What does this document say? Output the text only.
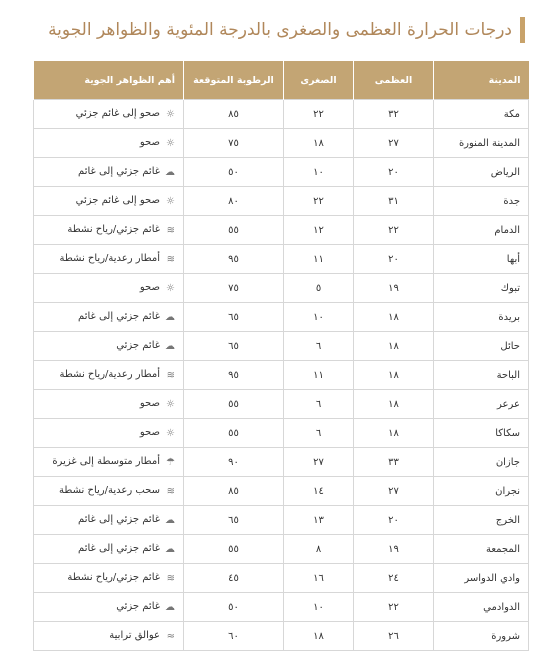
درجات الحرارة العظمى والصغرى بالدرجة المئوية والظواهر الجوية
المدينة	العظمى	الصغرى	الرطوبة المتوقعة	أهم الظواهر الجوية
مكة	٣٢	٢٢	٨٥	☼صحو إلى غائم جزئي
المدينة المنورة	٢٧	١٨	٧٥	☼صحو
الرياض	٢٠	١٠	٥٠	☁غائم جزئي إلى غائم
جدة	٣١	٢٢	٨٠	☼صحو إلى غائم جزئي
الدمام	٢٢	١٢	٥٥	≋غائم جزئي/رياح نشطة
أبها	٢٠	١١	٩٥	≋أمطار رعدية/رياح نشطة
تبوك	١٩	٥	٧٥	☼صحو
بريدة	١٨	١٠	٦٥	☁غائم جزئي إلى غائم
حائل	١٨	٦	٦٥	☁غائم جزئي
الباحة	١٨	١١	٩٥	≋أمطار رعدية/رياح نشطة
عرعر	١٨	٦	٥٥	☼صحو
سكاكا	١٨	٦	٥٥	☼صحو
جازان	٣٣	٢٧	٩٠	☂أمطار متوسطة إلى غزيرة
نجران	٢٧	١٤	٨٥	≋سحب رعدية/رياح نشطة
الخرج	٢٠	١٣	٦٥	☁غائم جزئي إلى غائم
المجمعة	١٩	٨	٥٥	☁غائم جزئي إلى غائم
وادي الدواسر	٢٤	١٦	٤٥	≋غائم جزئي/رياح نشطة
الدوادمي	٢٢	١٠	٥٠	☁غائم جزئي
شرورة	٢٦	١٨	٦٠	≈عوالق ترابية
